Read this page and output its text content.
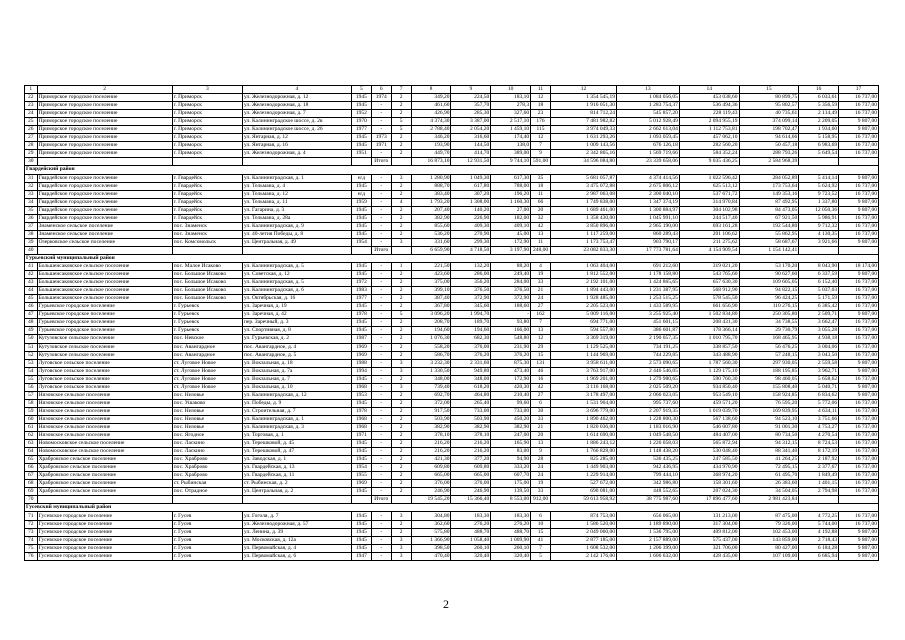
1	2	3	4	5	6	7	8	9	10	11	12	13	14	15	16	17
22	Приморское городское поселение	г. Приморск	ул. Железнодорожная, д. 12	1945	1974	2	349,20	224,50	183,10	12	1 354 545,19	1 084 056,05	453 038,60	80 899,75	6 033,61	16 737,00
23	Приморское городское поселение	г. Приморск	ул. Железнодорожная, д. 18	1945	-	2	461,60	357,70	278,3	18	1 916 051,30	1 283 754,37	536 494,36	95 802,57	5 356,59	16 737,00
24	Приморское городское поселение	г. Приморск	ул. Железнодорожная, д. 7	1952	-	2	426,90	285,30	327,60	23	814 712,24	545 857,20	228 119,43	40 735,61	2 114,49	16 737,00
25	Приморское городское поселение	г. Приморск	ул. Калининградское шоссе, д. 2в	1970	-	5	4 374,30	3 387,00	2 517,10	176	7 481 982,82	5 012 928,49	2 094 955,19	374 099,14	2 209,05	9 807,00
26	Приморское городское поселение	г. Приморск	ул. Калининградское шоссе, д. 26	1977	-	5	2 788,40	2 054,20	1 459,10	115	3 974 049,33	2 662 613,04	1 112 753,81	198 702,47	1 934,60	9 807,00
27	Приморское городское поселение	г. Приморск	ул. Янтарная, д. 12	1945	1973	2	346,20	316,60	174,40	12	1 631 293,26	1 093 059,45	457 062,10	94 614,66	5 158,95	16 737,00
28	Приморское городское поселение	г. Приморск	ул. Янтарная, д. 16	1945	1971	2	193,90	144,50	138,0	7	1 009 143,56	676 126,18	282 560,20	50 457,18	6 983,69	16 737,00
29	Приморское городское поселение	г. Приморск	ул. Железнодорожная, д. 4	1951	-	2	449,70	414,70	389,00	9	2 342 865,16	1 569 719,66	584 352,24	288 793,26	5 649,54	16 737,00
30					Итого		16 873,10	12 931,50	9 744,10	591,00	34 596 084,80	23 339 658,06	9 035 436,25	2 584 968,39		
Гвардейский район																
31	Гвардейское городское поселение	г. Гвардейск	ул. Калининградская, д. 1	н/д	-	3	1 280,90	1 049,30	617,30	35	5 681 057,87	4 374 414,56	1 022 596,42	284 052,89	5 414,14	9 807,00
32	Гвардейское городское поселение	г. Гвардейск	ул. Тельмана, д. 4	1945	-	2	888,70	617,80	788,00	18	3 475 072,88	2 675 806,12	625 513,12	173 753,64	5 624,92	16 737,00
33	Гвардейское городское поселение	г. Гвардейск	ул. Тельмана, д. 12	н/д	-	2	383,40	307,20	196,20	11	2 987 063,08	2 300 040,10	537 671,72	149 353,16	9 723,52	16 737,00
34	Гвардейское городское поселение	г. Гвардейск	ул. Тельмана, д. 11	1959	-	4	1 793,20	1 308,00	1 160,30	66	1 749 838,00	1 347 374,19	314 970,84	87 492,95	1 337,80	9 807,00
35	Гвардейское городское поселение	г. Гвардейск	ул. Гагарина, д. 3	1945	-	2	207,40	140,20	27,00	20	1 689 461,00	1 300 884,97	304 102,98	84 473,05	12 050,36	9 807,00
36	Гвардейское городское поселение	г. Гвардейск	ул. Тельмана, д. 28а	1945	-	2	382,90	226,90	182,00	32	1 358 430,00	1 045 991,10	244 517,40	67 921,50	5 986,91	16 737,00
37	Знаменское сельское поселение	пос. Знаменск	ул. Калининградская, д. 9	1945	-	2	855,60	409,30	409,10	42	3 850 896,00	2 965 190,00	693 161,28	192 544,80	9 712,32	16 737,00
38	Знаменское сельское поселение	пос. Знаменск	ул. 40-летия Победы, д. 8	1945	-	2	536,20	270,90	45,00	13	1 117 259,00	860 289,43	201 106,62	55 862,95	4 130,35	16 737,00
39	Озерковское сельское поселение	пос. Комсомольск	ул. Центральная, д. 49	1954	-	3	331,60	299,30	172,90	11	1 173 753,47	903 790,17	211 275,62	58 687,67	3 921,66	9 807,00
40					Итого		6 659,90	4 718,50	3 197,90	248,00	23 082 833,30	17 773 781,64	4 154 909,54	1 154 142,41		
Гурьевский муниципальный район																
41	Большеисаковское сельское поселение	пос. Малое Исаково	ул. Калининградская, д. 5	1945	-	1	221,50	132,20	88,20	4	1 063 404,00	691 212,60	319 021,20	53 170,20	8 043,90	18 174,00
42	Большеисаковское сельское поселение	пос. Большое Исаково	ул. Советская, д. 12	1945	-	2	423,60	286,00	249,40	19	1 812 552,00	1 178 158,80	543 765,60	90 627,60	6 337,59	9 807,00
43	Большеисаковское сельское поселение	пос. Большое Исаково	ул. Калининградская, д. 5	1972	-	2	375,00	356,20	284,00	33	2 192 101,00	1 424 865,65	657 630,30	109 605,05	6 152,40	16 737,00
44	Большеисаковское сельское поселение	пос. Большое Исаково	ул. Калининградская, д. 6	1983	-	2	399,10	376,50	376,50	21	1 894 443,00	1 231 387,95	568 912,90	94 822,15	5 037,03	16 737,00
45	Большеисаковское сельское поселение	пос. Большое Исаково	ул. Октябрьская, д. 16	1977	-	2	387,40	372,90	372,90	24	1 928 485,00	1 253 515,25	578 545,50	96 424,25	5 171,59	16 737,00
46	Гурьевское городское поселение	г. Гурьевск	ул. Заречная, д. 19	1945	-	2	367,80	345,60	188,60	27	2 205 523,00	1 433 589,95	661 656,90	110 276,15	6 385,42	16 737,00
47	Гурьевское городское поселение	г. Гурьевск	ул. Заречная, д. 42	1978	-	5	3 096,20	1 994,70	-	162	5 009 116,00	3 255 925,40	1 502 834,80	250 305,80	2 509,71	9 807,00
48	Гурьевское городское поселение	г. Гурьевск	пер. Заречный, д. 3	1945	-	2	208,70	189,70	93,80	7	694 771,00	451 601,15	208 431,30	34 738,55	3 662,47	16 737,00
49	Гурьевское городское поселение	г. Гурьевск	ул. Спортивная, д. 8	1945	-	2	194,60	194,60	166,00	13	594 557,80	386 601,87	178 366,14	29 730,79	3 055,28	16 737,00
50	Кутузовское сельское поселение	пос. Невское	ул. Гурьевская, д. 2	1987	-	2	1 076,30	682,30	548,80	12	3 369 319,00	2 190 057,35	1 010 795,70	168 465,95	4 938,18	16 737,00
51	Кутузовское сельское поселение	пос. Авангардное	пос. Авангардное, д. 4	1969	-	2	558,20	376,00	231,90	29	1 129 525,00	734 191,25	338 857,50	56 476,25	3 004,06	16 737,00
52	Кутузовское сельское поселение	пос. Авангардное	пос. Авангардное, д. 5	1969	-	2	586,70	376,20	376,20	15	1 144 969,00	744 229,85	343 488,90	57 248,15	3 043,50	16 737,00
53	Луговское сельское поселение	ст. Луговое Новое	ул. Вокзальная, д. 18	1988	-	3	3 232,30	2 331,60	875,30	131	3 958 611,00	2 573 090,65	1 787 560,30	297 930,05	2 559,58	9 807,00
54	Луговское сельское поселение	ст. Луговое Новое	ул. Вокзальная, д. 7а	1994	-	3	1 330,50	949,80	473,40	46	3 763 917,00	2 446 546,05	1 129 175,10	188 195,85	3 962,71	9 807,00
55	Луговское сельское поселение	ст. Луговое Новое	ул. Вокзальная, д. 7	1945	-	2	348,00	348,00	172,90	16	1 969 201,00	1 279 980,65	590 760,30	98 460,05	5 658,62	16 737,00
56	Луговское сельское поселение	ст. Луговое Новое	ул. Вокзальная, д. 10	1968	-	3	739,40	618,20	420,30	42	3 116 168,00	2 025 509,20	934 850,40	155 808,40	5 040,71	9 807,00
57	Низовское сельское поселение	пос. Низовье	ул. Калининградская, д. 12	1953	-	2	692,70	464,80	210,40	27	3 178 497,00	2 066 023,05	953 549,10	158 924,85	6 834,62	9 807,00
58	Низовское сельское поселение	пос. Ушаково	ул. Победы, д. 9	1945	-	2	372,00	265,40	99,60	6	1 531 904,00	995 737,60	459 571,20	76 595,20	5 772,06	16 737,00
59	Низовское сельское поселение	пос. Низовье	ул. Строительная, д. 7	1978	-	2	917,50	733,00	733,00	30	3 696 779,00	2 207 919,35	1 019 039,70	169 839,95	4 634,11	16 737,00
60	Низовское сельское поселение	пос. Низовье	ул. Калининградская, д. 1	1968	-	2	503,90	503,90	450,20	33	1 890 462,00	1 228 800,30	567 138,60	94 523,10	3 751,66	16 737,00
61	Низовское сельское поселение	пос. Низовье	ул. Калининградская, д. 3	1968	-	2	382,90	382,90	382,90	21	1 820 036,00	1 183 016,90	546 007,80	91 001,30	4 753,27	16 737,00
62	Низовское сельское поселение	пос. Ягодное	ул. Торговая, д. 1	1971	-	2	378,10	378,10	247,00	20	1 614 690,00	1 049 548,50	484 407,00	80 734,50	4 270,54	16 737,00
63	Новомосковское сельское поселение	пос. Ласкино	ул. Терешковой, д. 45	1945	-	2	216,20	216,20	165,90	13	1 886 243,12	1 226 058,03	565 872,94	94 312,15	8 724,53	16 737,00
64	Новомосковское сельское поселение	пос. Ласкино	ул. Терешковой, д. 47	1945	-	2	216,20	216,20	83,00	9	1 766 828,00	1 148 438,20	530 048,40	88 341,40	8 172,19	16 737,00
65	Храбровское сельское поселение	пос. Храброво	ул. Заводская, д. 1	1945	-	2	421,30	377,20	94,90	28	825 285,00	536 435,25	247 585,50	41 264,25	2 187,92	16 737,00
66	Храбровское сельское поселение	пос. Храброво	ул. Гвардейская, д. 13	1954	-	2	609,80	609,80	333,20	24	1 449 903,00	942 436,95	434 970,90	72 495,15	2 377,67	16 737,00
67	Храбровское сельское поселение	пос. Храброво	ул. Гвардейская, д. 11	1955	-	2	665,00	665,00	607,70	24	1 229 914,00	799 444,10	368 974,20	61 495,70	1 849,49	16 737,00
68	Храбровское сельское поселение	ст. Рыбинская	ст. Рыбинская, д. 2	1969	-	2	376,00	376,00	175,00	19	527 672,00	342 986,80	158 301,60	26 383,60	1 401,15	16 737,00
69	Храбровское сельское поселение	пос. Отрадное	ул. Центральная, д. 2	1945	-	2	246,90	246,90	139,50	33	690 081,00	448 552,65	207 024,30	34 504,05	2 794,98	16 737,00
70					Итого		19 545,20	15 366,40	8 553,00	912,00	59 613 958,92	38 775 987,60	17 896 477,60	2 981 423,84		
Гусевский муниципальный район																
71	Гусевское городское поселение	г. Гусев	ул. Гоголя, д. 7	1945	-	3	304,80	183,30	183,30	6	874 753,00	656 065,00	131 213,00	87 475,00	4 772,25	16 737,00
72	Гусевское городское поселение	г. Гусев	ул. Железнодорожная, д. 57	1945	-	2	362,60	276,20	276,20	10	1 586 520,00	1 189 890,00	317 304,00	79 326,00	5 744,00	16 737,00
73	Гусевское городское поселение	г. Гусев	ул. Ленина, д. 39	1945	-	2	575,80	488,70	488,70	15	2 049 060,00	1 536 795,00	409 812,00	102 453,00	4 192,88	9 807,00
74	Гусевское городское поселение	г. Гусев	ул. Московская, д. 12а	1945	-	3	1 366,90	1 058,40	1 009,90	41	2 877 185,00	2 157 889,00	575 437,00	143 859,00	2 718,43	9 807,00
75	Гусевское городское поселение	г. Гусев	ул. Первомайская, д. 4	1945	-	3	398,50	260,10	260,10	7	1 608 532,00	1 206 399,00	321 706,00	80 427,00	6 184,28	9 807,00
76	Гусевское городское поселение	г. Гусев	ул. Первомайская, д. 6	1947	-	3	470,40	320,40	320,40	5	2 142 176,00	1 606 632,00	428 435,00	107 109,00	6 685,94	9 807,00
2
